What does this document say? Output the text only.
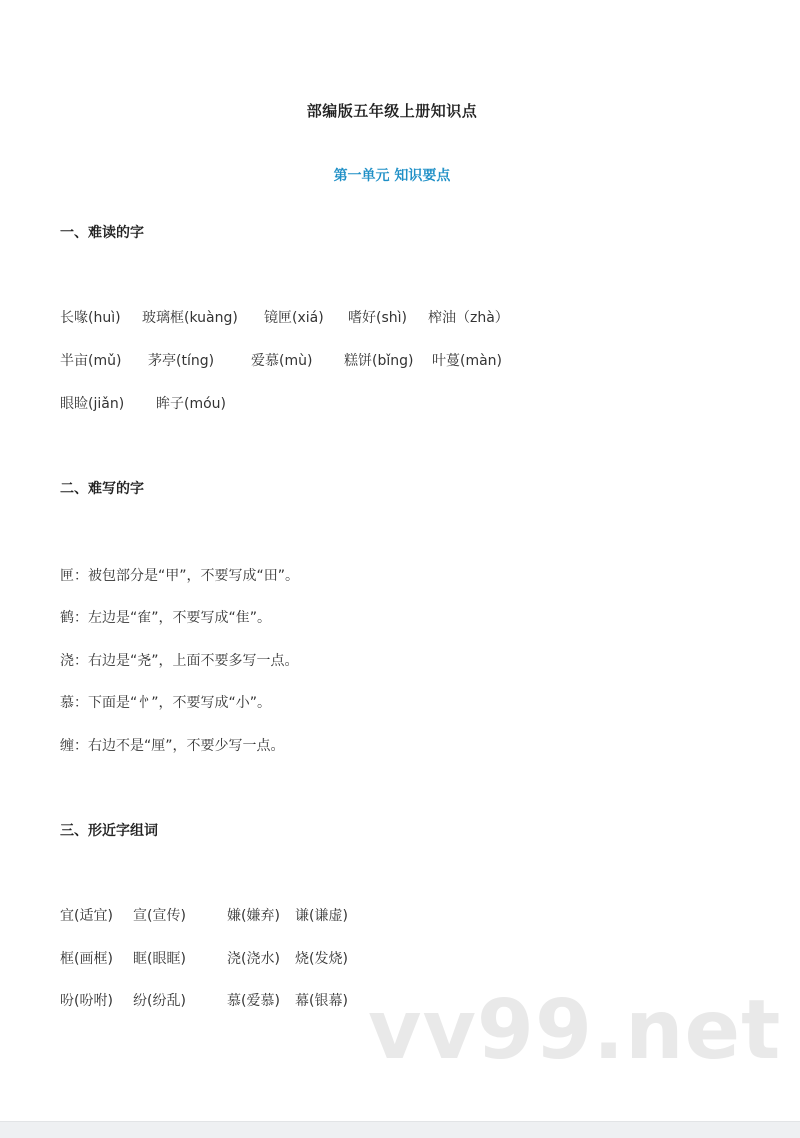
部编版五年级上册知识点
第一单元 知识要点
一、难读的字
长喙(huì) 玻璃框(kuàng) 镜匣(xiá) 嗜好(shì) 榨油（zhà）
半亩(mǔ) 茅亭(tíng)	爱慕(mù) 糕饼(bǐng) 叶蔓(màn)
眼睑(jiǎn) 眸子(móu)
二、难写的字
匣：被包部分是“甲”，不要写成“田”。
鹤：左边是“隺”，不要写成“隹”。
浇：右边是“尧”，上面不要多写一点。
慕：下面是“㣺”，不要写成“小”。
缠：右边不是“厘”，不要少写一点。
三、形近字组词
宜(适宜) 宣(宣传)	嫌(嫌弃) 谦(谦虚)
框(画框) 眶(眼眶)	浇(浇水) 烧(发烧)
吩(吩咐) 纷(纷乱)	慕(爱慕) 幕(银幕) vv99.net
